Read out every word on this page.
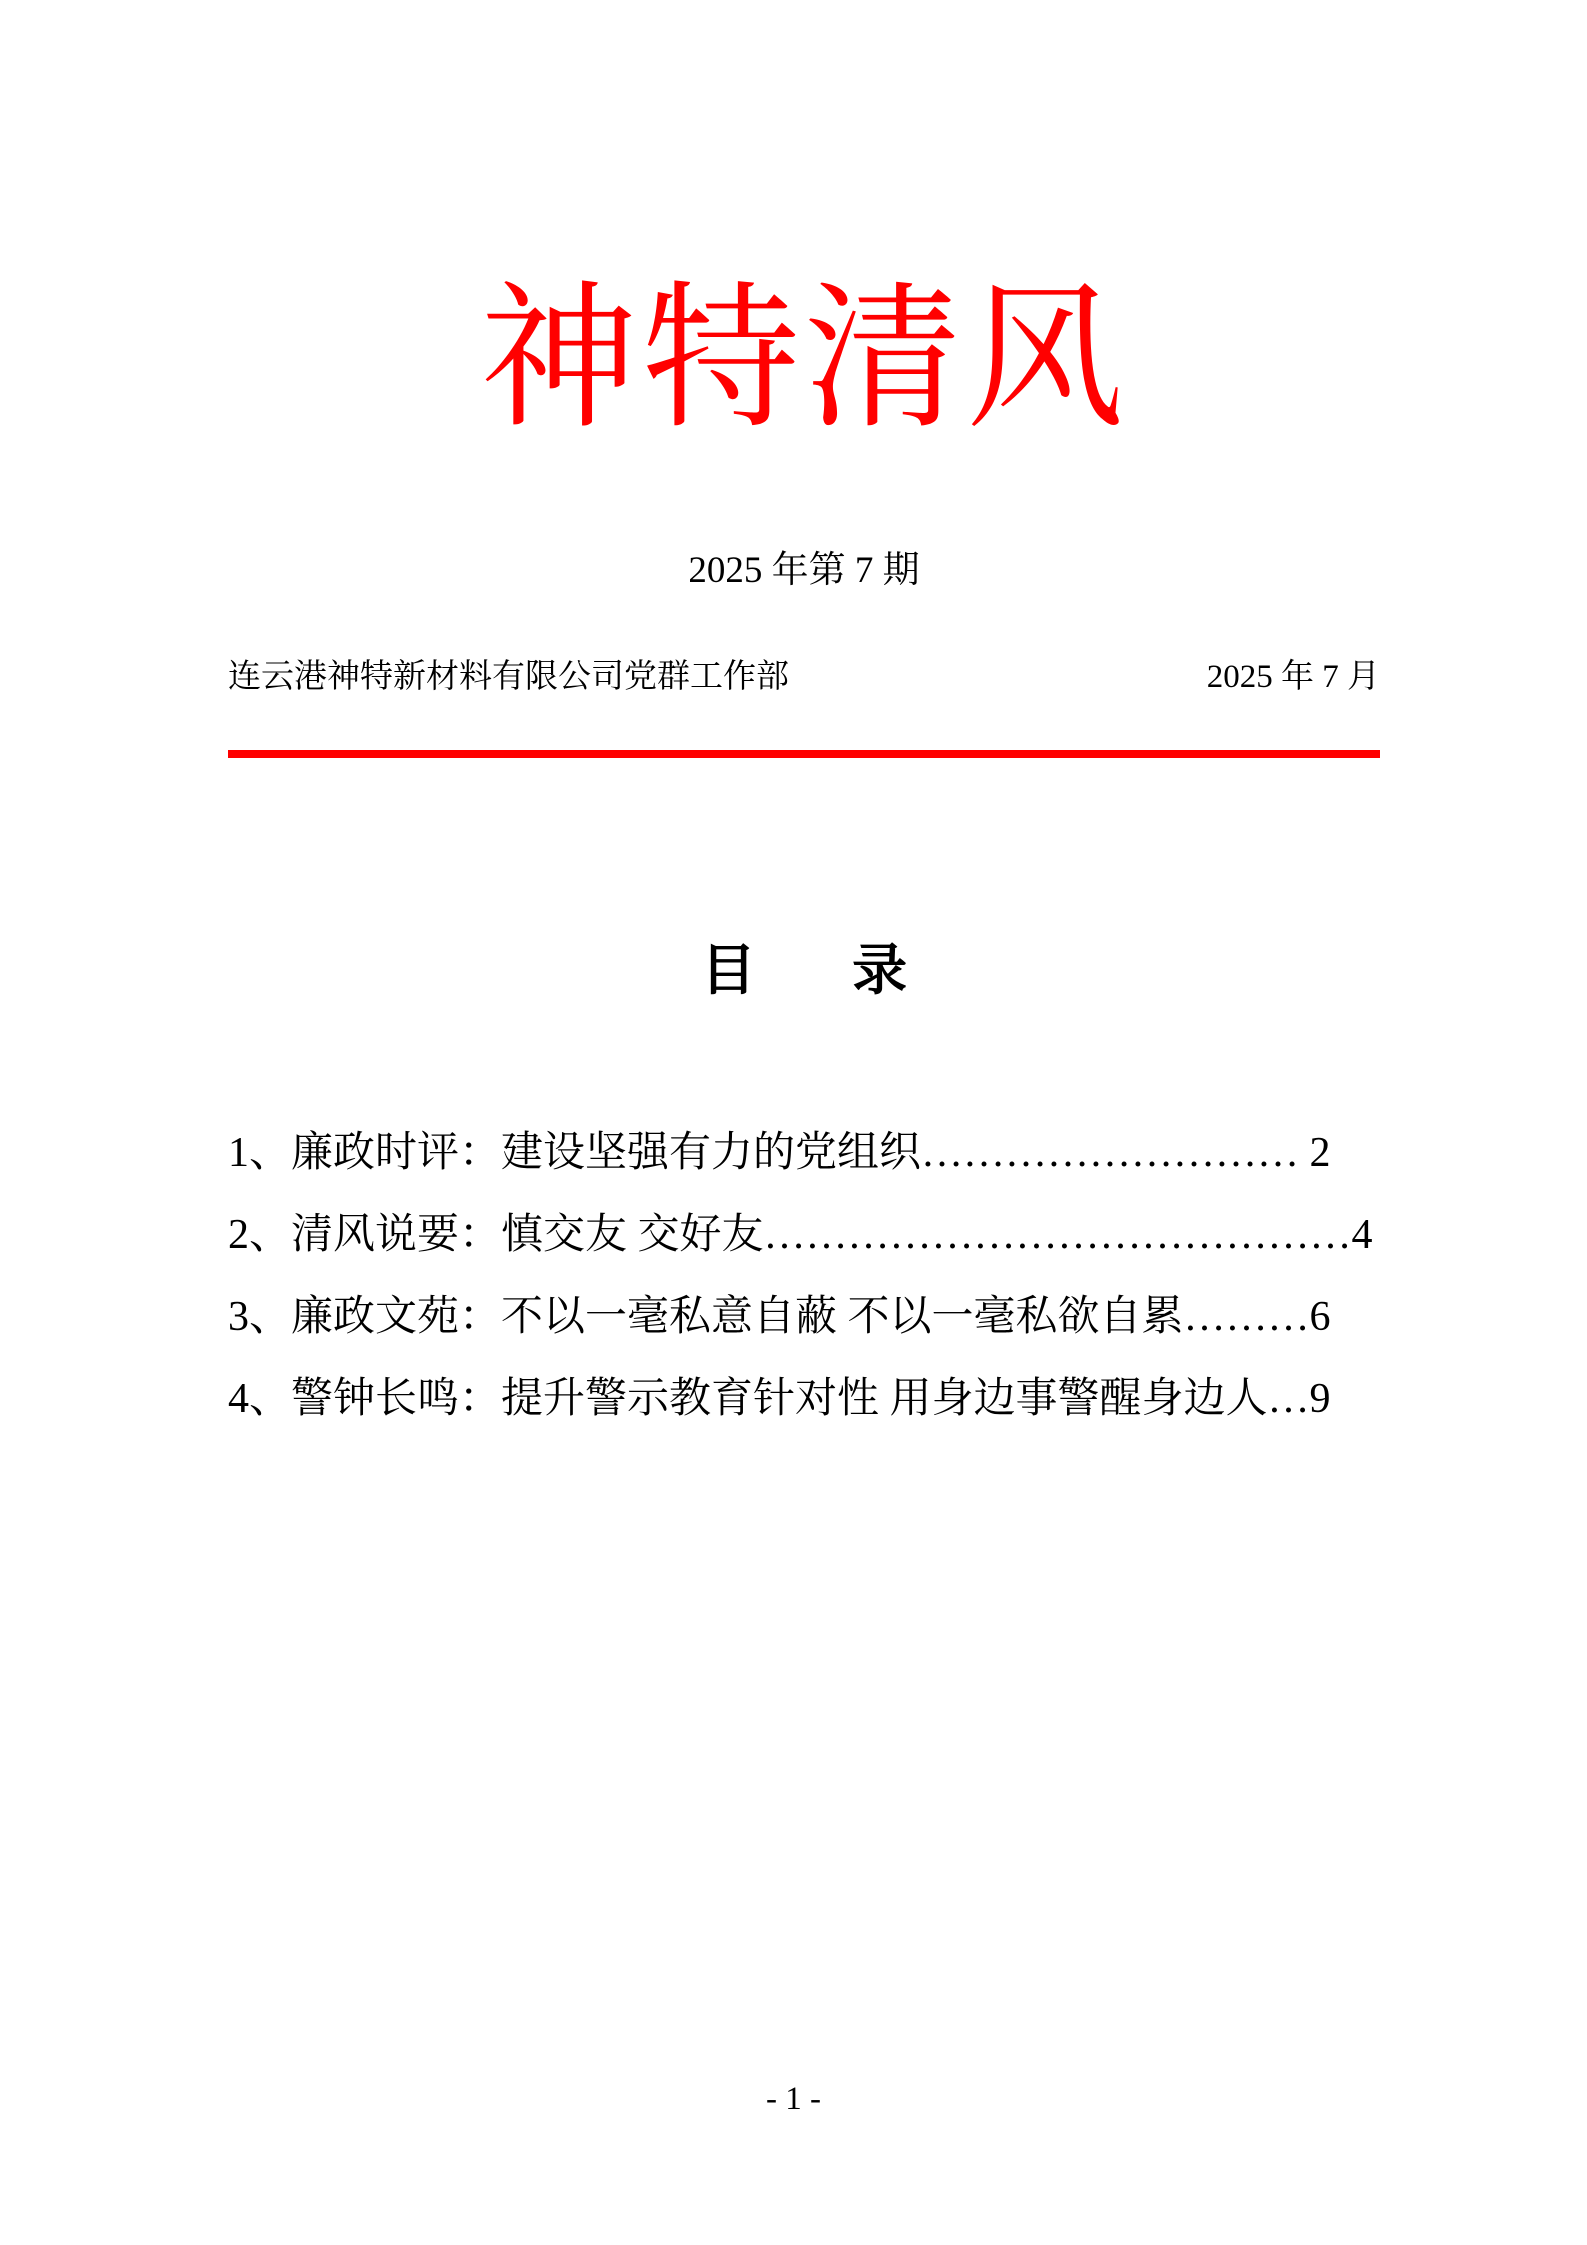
神特清风
2025 年第 7 期
连云港神特新材料有限公司党群工作部	2025 年 7 月
目       录
1、廉政时评：建设坚强有力的党组织……………………… 2
2、清风说要：慎交友 交好友……………………………………4
3、廉政文苑：不以一毫私意自蔽 不以一毫私欲自累………6
4、警钟长鸣：提升警示教育针对性 用身边事警醒身边人…9
- 1 -
